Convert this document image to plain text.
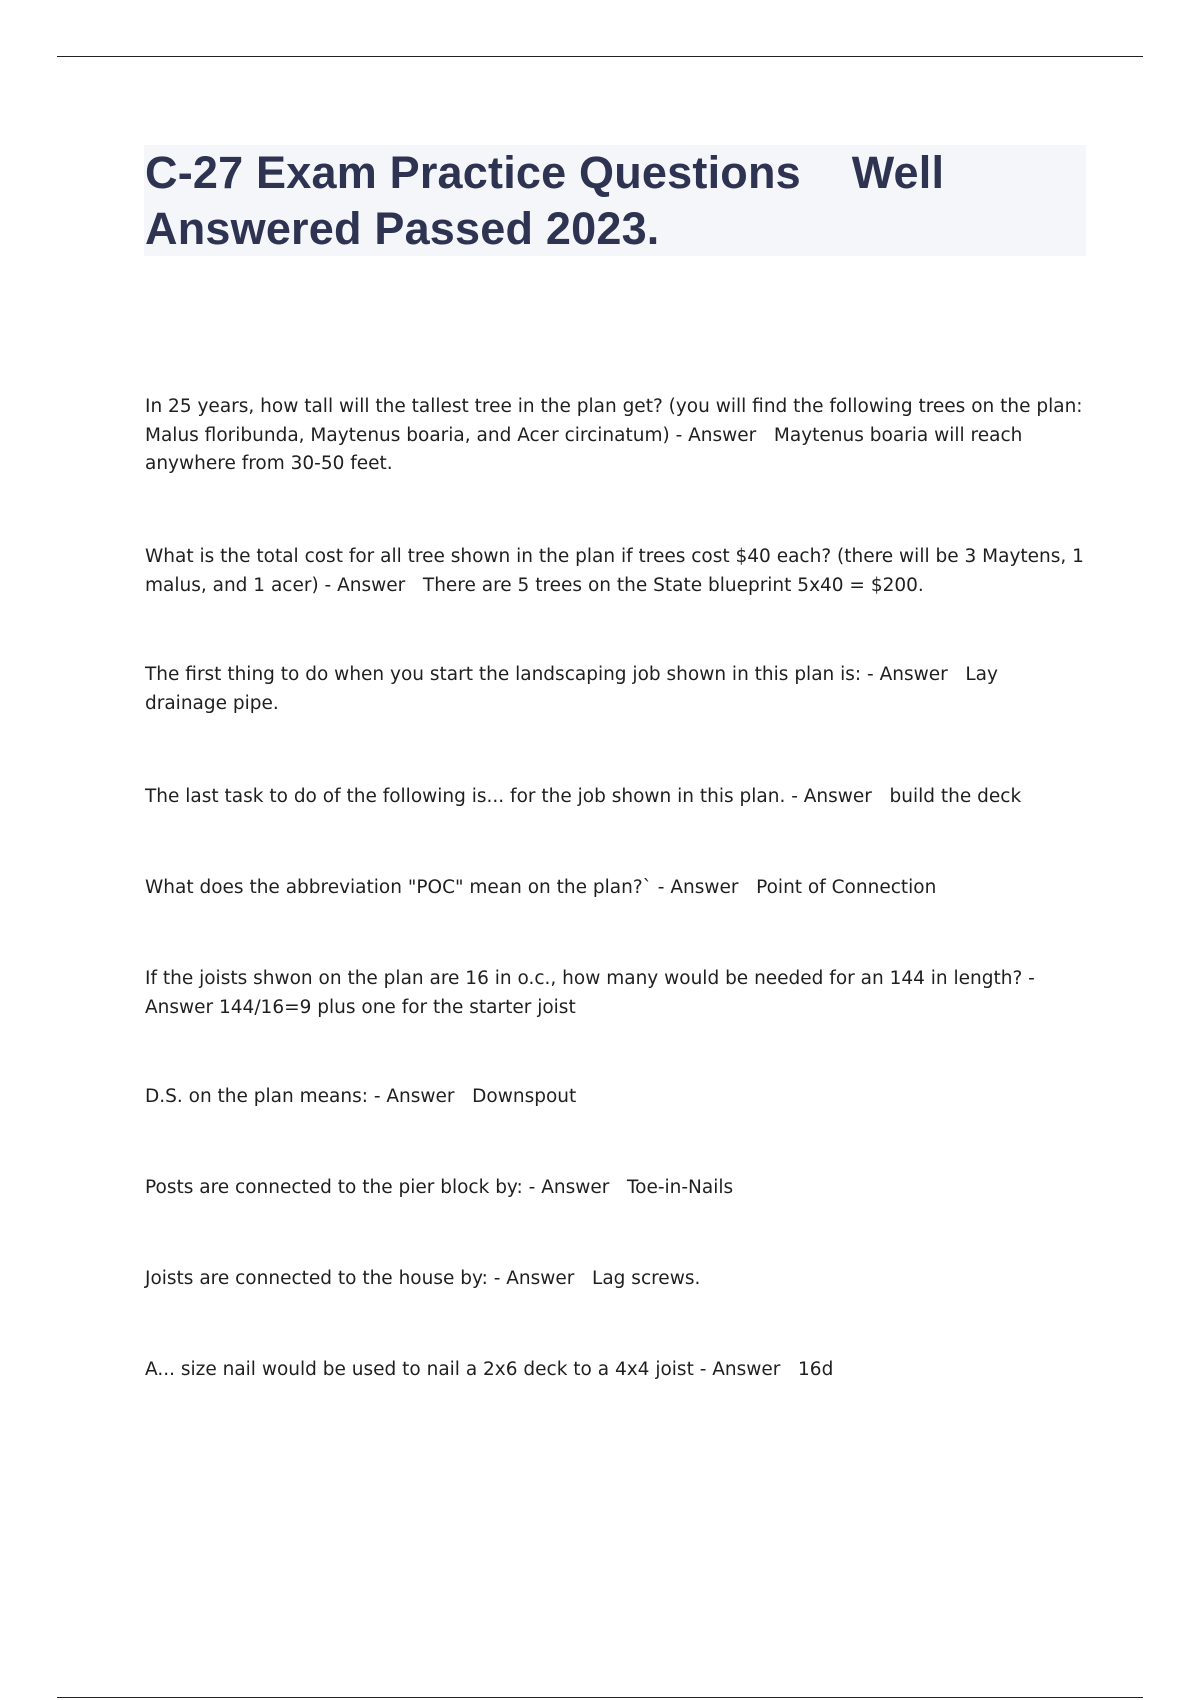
C-27 Exam Practice Questions    Well
Answered Passed 2023.

In 25 years, how tall will the tallest tree in the plan get? (you will find the following trees on the plan: Malus floribunda, Maytenus boaria, and Acer circinatum) - Answer   Maytenus boaria will reach anywhere from 30-50 feet.

What is the total cost for all tree shown in the plan if trees cost $40 each? (there will be 3 Maytens, 1 malus, and 1 acer) - Answer   There are 5 trees on the State blueprint 5x40 = $200.

The first thing to do when you start the landscaping job shown in this plan is: - Answer   Lay drainage pipe.

The last task to do of the following is... for the job shown in this plan. - Answer   build the deck

What does the abbreviation "POC" mean on the plan?` - Answer   Point of Connection

If the joists shwon on the plan are 16 in o.c., how many would be needed for an 144 in length? - Answer 144/16=9 plus one for the starter joist

D.S. on the plan means: - Answer   Downspout

Posts are connected to the pier block by: - Answer   Toe-in-Nails

Joists are connected to the house by: - Answer   Lag screws.

A... size nail would be used to nail a 2x6 deck to a 4x4 joist - Answer   16d
